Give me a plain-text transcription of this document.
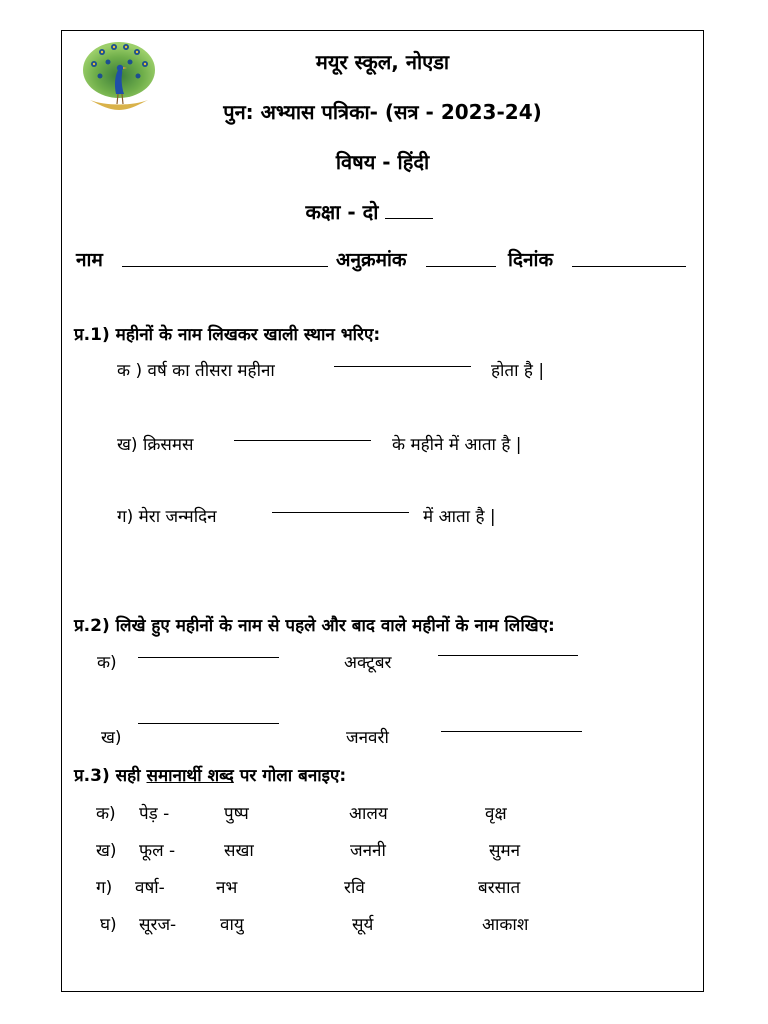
मयूर स्कूल, नोएडा
पुन: अभ्यास पत्रिका- (सत्र - 2023-24)
विषय - हिंदी
कक्षा - दो
नाम	अनुक्रमांक	दिनांक
प्र.1) महीनों के नाम लिखकर खाली स्थान भरिए:
क ) वर्ष का तीसरा महीना	होता है |
ख) क्रिसमस	के महीने में आता है |
ग) मेरा जन्मदिन	में आता है |
प्र.2) लिखे हुए महीनों के नाम से पहले और बाद वाले महीनों के नाम लिखिए:
क)	अक्टूबर
ख)	जनवरी
प्र.3) सही समानार्थी शब्द पर गोला बनाइए:
क) पेड़ -	पुष्प	आलय	वृक्ष
ख) फूल -	सखा	जननी	सुमन
ग) वर्षा-	नभ	रवि	बरसात
घ) सूरज-	वायु	सूर्य	आकाश
